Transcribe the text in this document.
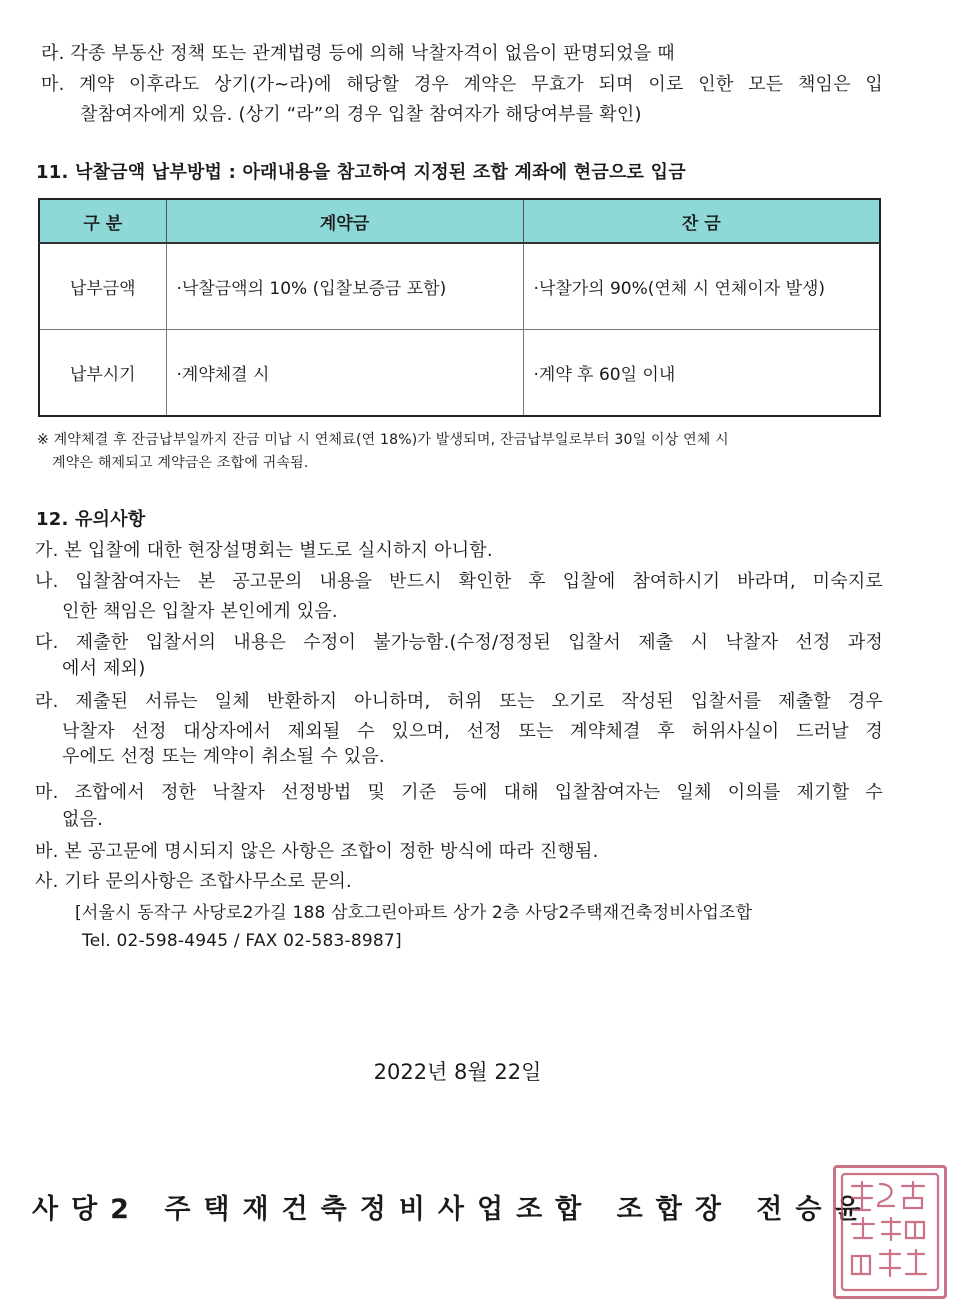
라. 각종 부동산 정책 또는 관계법령 등에 의해 낙찰자격이 없음이 판명되었을 때
마. 계약 이후라도 상기(가~라)에 해당할 경우 계약은 무효가 되며 이로 인한 모든 책임은 입
찰참여자에게 있음. (상기 “라”의 경우 입찰 참여자가 해당여부를 확인)
11. 낙찰금액 납부방법 : 아래내용을 참고하여 지정된 조합 계좌에 현금으로 입금
구 분	계약금	잔 금
납부금액	·낙찰금액의 10% (입찰보증금 포함)	·낙찰가의 90%(연체 시 연체이자 발생)
납부시기	·계약체결 시	·계약 후 60일 이내
※ 계약체결 후 잔금납부일까지 잔금 미납 시 연체료(연 18%)가 발생되며, 잔금납부일로부터 30일 이상 연체 시
계약은 해제되고 계약금은 조합에 귀속됨.
12. 유의사항
가. 본 입찰에 대한 현장설명회는 별도로 실시하지 아니함.
나. 입찰참여자는 본 공고문의 내용을 반드시 확인한 후 입찰에 참여하시기 바라며, 미숙지로
인한 책임은 입찰자 본인에게 있음.
다. 제출한 입찰서의 내용은 수정이 불가능함.(수정/정정된 입찰서 제출 시 낙찰자 선정 과정
에서 제외)
라. 제출된 서류는 일체 반환하지 아니하며, 허위 또는 오기로 작성된 입찰서를 제출할 경우
낙찰자 선정 대상자에서 제외될 수 있으며, 선정 또는 계약체결 후 허위사실이 드러날 경
우에도 선정 또는 계약이 취소될 수 있음.
마. 조합에서 정한 낙찰자 선정방법 및 기준 등에 대해 입찰참여자는 일체 이의를 제기할 수
없음.
바. 본 공고문에 명시되지 않은 사항은 조합이 정한 방식에 따라 진행됨.
사. 기타 문의사항은 조합사무소로 문의.
[서울시 동작구 사당로2가길 188 삼호그린아파트 상가 2층 사당2주택재건축정비사업조합
Tel. 02-598-4945 / FAX 02-583-8987]
2022년 8월 22일
사당2 주택재건축정비사업조합 조합장 전승윤
